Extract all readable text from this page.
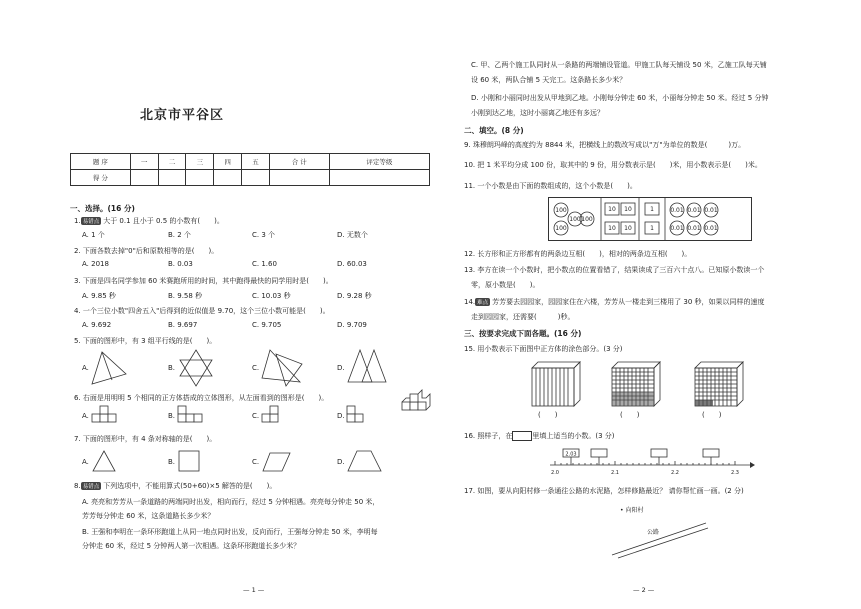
北京市平谷区
题 序	一	二	三	四	五	合 计	评定等级
得 分							
一、选择。(16 分)
1. 易错点 大于 0.1 且小于 0.5 的小数有(　　)。
A. 1 个	B. 2 个	C. 3 个	D. 无数个
2. 下面各数去掉"0"后和原数相等的是(　　)。
A. 2018	B. 0.03	C. 1.60	D. 60.03
3. 下面是四名同学参加 60 米赛跑所用的时间，其中跑得最快的同学用时是(　　)。
A. 9.85 秒	B. 9.58 秒	C. 10.03 秒	D. 9.28 秒
4. 一个三位小数"四舍五入"后得到的近似值是 9.70，这个三位小数可能是(　　)。
A. 9.692	B. 9.697	C. 9.705	D. 9.709
5. 下面的图形中，有 3 组平行线的是(　　)。
A.	B.	C.	D.
6. 右面是用明明 5 个相同的正方体搭成的立体图形，从左面看到的图形是(　　)。
A.	B.	C.	D.
7. 下面的图形中，有 4 条对称轴的是(　　)。
A.	B.	C.	D.
8. 易错点 下列选项中，不能用算式(50+60)×5 解答的是(　　)。
A. 亮亮和芳芳从一条道路的两端同时出发，相向而行，经过 5 分钟相遇。亮亮每分钟走 50 米，
芳芳每分钟走 60 米，这条道路长多少米？
B. 王强和李明在一条环形跑道上从同一地点同时出发，反向而行，王强每分钟走 50 米，李明每
分钟走 60 米，经过 5 分钟两人第一次相遇。这条环形跑道长多少米？
— 1 —
C. 甲、乙两个施工队同时从一条路的两端铺设管道。甲施工队每天铺设 50 米，乙施工队每天铺
设 60 米，两队合铺 5 天完工。这条路长多少米？
D. 小刚和小丽同时出发从甲地到乙地。小刚每分钟走 60 米，小丽每分钟走 50 米。经过 5 分钟
小刚到达乙地，这时小丽离乙地还有多远？
二、填空。(8 分)
9. 珠穆朗玛峰的高度约为 8844 米，把横线上的数改写成以"万"为单位的数是(　　　)万。
10. 把 1 米平均分成 100 份，取其中的 9 份，用分数表示是(　　)米，用小数表示是(　　)米。
11. 一个小数是由下面的数组成的，这个小数是(　　)。
100
100
100
100
10 10
10 10
1
1
0.01 0.01 0.01
0.01 0.01 0.01
12. 长方形和正方形都有的两条边互相(　　)，相对的两条边互相(　　)。
13. 李方在读一个小数时，把小数点的位置看错了，结果读成了三百六十点八。已知原小数读一个
零，原小数是(　　)。
14. 难点 芳芳要去园园家，园园家住在六楼，芳芳从一楼走到三楼用了 30 秒，如果以同样的速度
走到园园家，还需要(　　　)秒。
三、按要求完成下面各题。(16 分)
15. 用小数表示下面图中正方体的涂色部分。(3 分)
(　　)	(　　)	(　　)
16. 照样子，在	里填上适当的小数。(3 分)
2.03
2.0	2.1	2.2	2.3
17. 如图，要从向阳村修一条通往公路的水泥路，怎样修路最近？ 请你帮忙画一画。(2 分)
• 向阳村
公路
— 2 —
